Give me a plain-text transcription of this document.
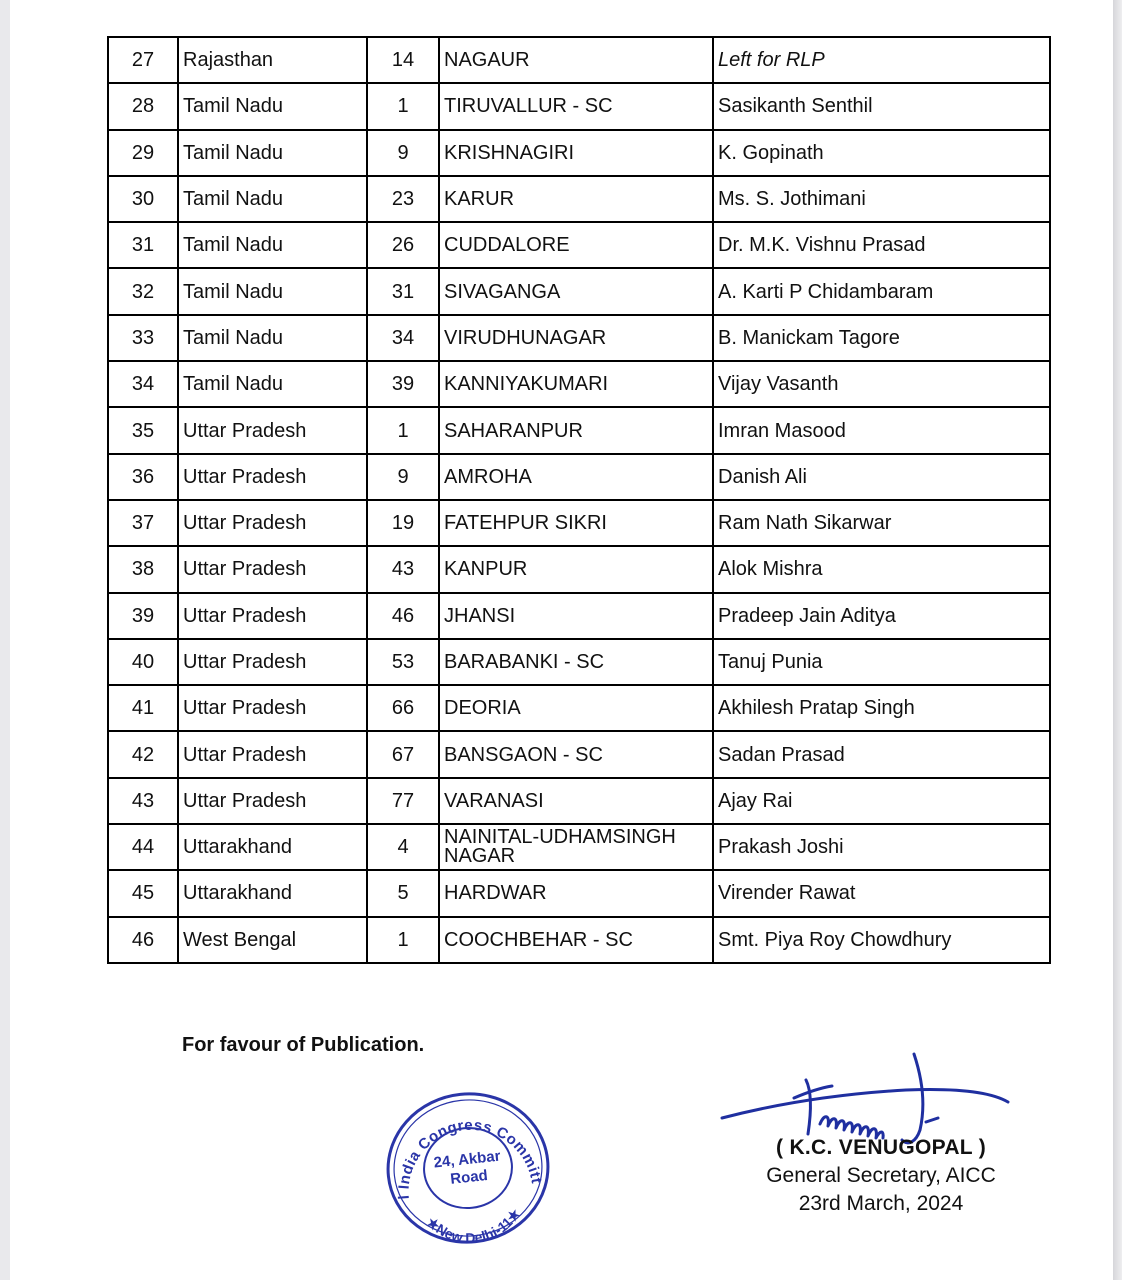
27	Rajasthan	14	NAGAUR	Left for RLP
28	Tamil Nadu	1	TIRUVALLUR - SC	Sasikanth Senthil
29	Tamil Nadu	9	KRISHNAGIRI	K. Gopinath
30	Tamil Nadu	23	KARUR	Ms. S. Jothimani
31	Tamil Nadu	26	CUDDALORE	Dr. M.K. Vishnu Prasad
32	Tamil Nadu	31	SIVAGANGA	A. Karti P Chidambaram
33	Tamil Nadu	34	VIRUDHUNAGAR	B. Manickam Tagore
34	Tamil Nadu	39	KANNIYAKUMARI	Vijay Vasanth
35	Uttar Pradesh	1	SAHARANPUR	Imran Masood
36	Uttar Pradesh	9	AMROHA	Danish Ali
37	Uttar Pradesh	19	FATEHPUR SIKRI	Ram Nath Sikarwar
38	Uttar Pradesh	43	KANPUR	Alok Mishra
39	Uttar Pradesh	46	JHANSI	Pradeep Jain Aditya
40	Uttar Pradesh	53	BARABANKI - SC	Tanuj Punia
41	Uttar Pradesh	66	DEORIA	Akhilesh Pratap Singh
42	Uttar Pradesh	67	BANSGAON - SC	Sadan Prasad
43	Uttar Pradesh	77	VARANASI	Ajay Rai
44	Uttarakhand	4	NAINITAL-UDHAMSINGH NAGAR	Prakash Joshi
45	Uttarakhand	5	HARDWAR	Virender Rawat
46	West Bengal	1	COOCHBEHAR - SC	Smt. Piya Roy Chowdhury
For favour of Publication.
All India Congress Committee
★New Delhi-11★
24, Akbar
Road
( K.C. VENUGOPAL )
General Secretary, AICC
23rd March, 2024
